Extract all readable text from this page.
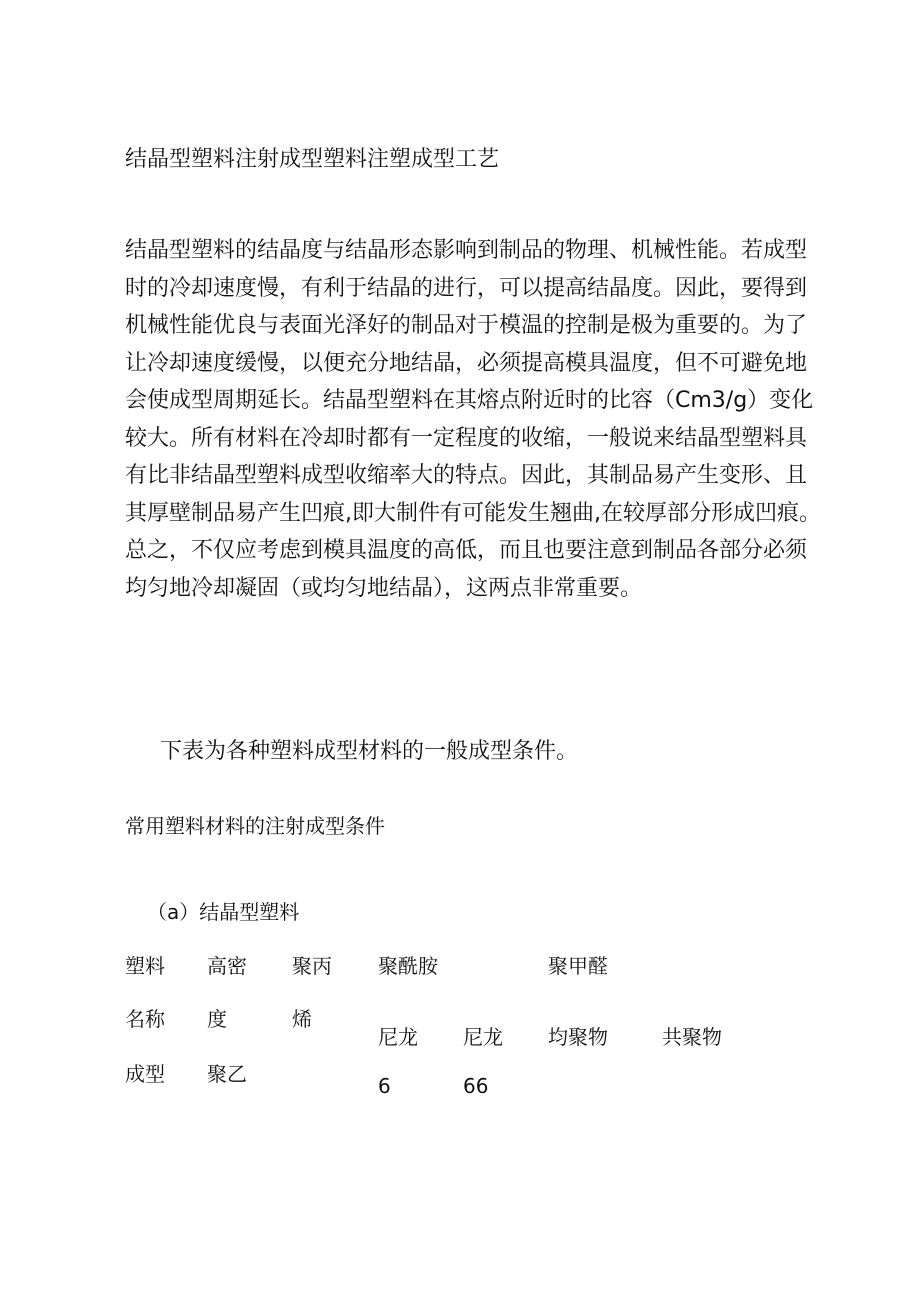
结晶型塑料注射成型塑料注塑成型工艺
结晶型塑料的结晶度与结晶形态影响到制品的物理、机械性能。若成型
时的冷却速度慢，有利于结晶的进行，可以提高结晶度。因此，要得到
机械性能优良与表面光泽好的制品对于模温的控制是极为重要的。为了
让冷却速度缓慢，以便充分地结晶，必须提高模具温度，但不可避免地
会使成型周期延长。结晶型塑料在其熔点附近时的比容（Cm3/g）变化
较大。所有材料在冷却时都有一定程度的收缩，一般说来结晶型塑料具
有比非结晶型塑料成型收缩率大的特点。因此，其制品易产生变形、且
其厚壁制品易产生凹痕,即大制件有可能发生翘曲,在较厚部分形成凹痕。
总之，不仅应考虑到模具温度的高低，而且也要注意到制品各部分必须
均匀地冷却凝固（或均匀地结晶），这两点非常重要。

下表为各种塑料成型材料的一般成型条件。

常用塑料材料的注射成型条件

（a）结晶型塑料

塑料
名称
成型
高密
度
聚乙
聚丙
烯
聚酰胺
尼龙
6
尼龙
66
聚甲醛
均聚物	共聚物
